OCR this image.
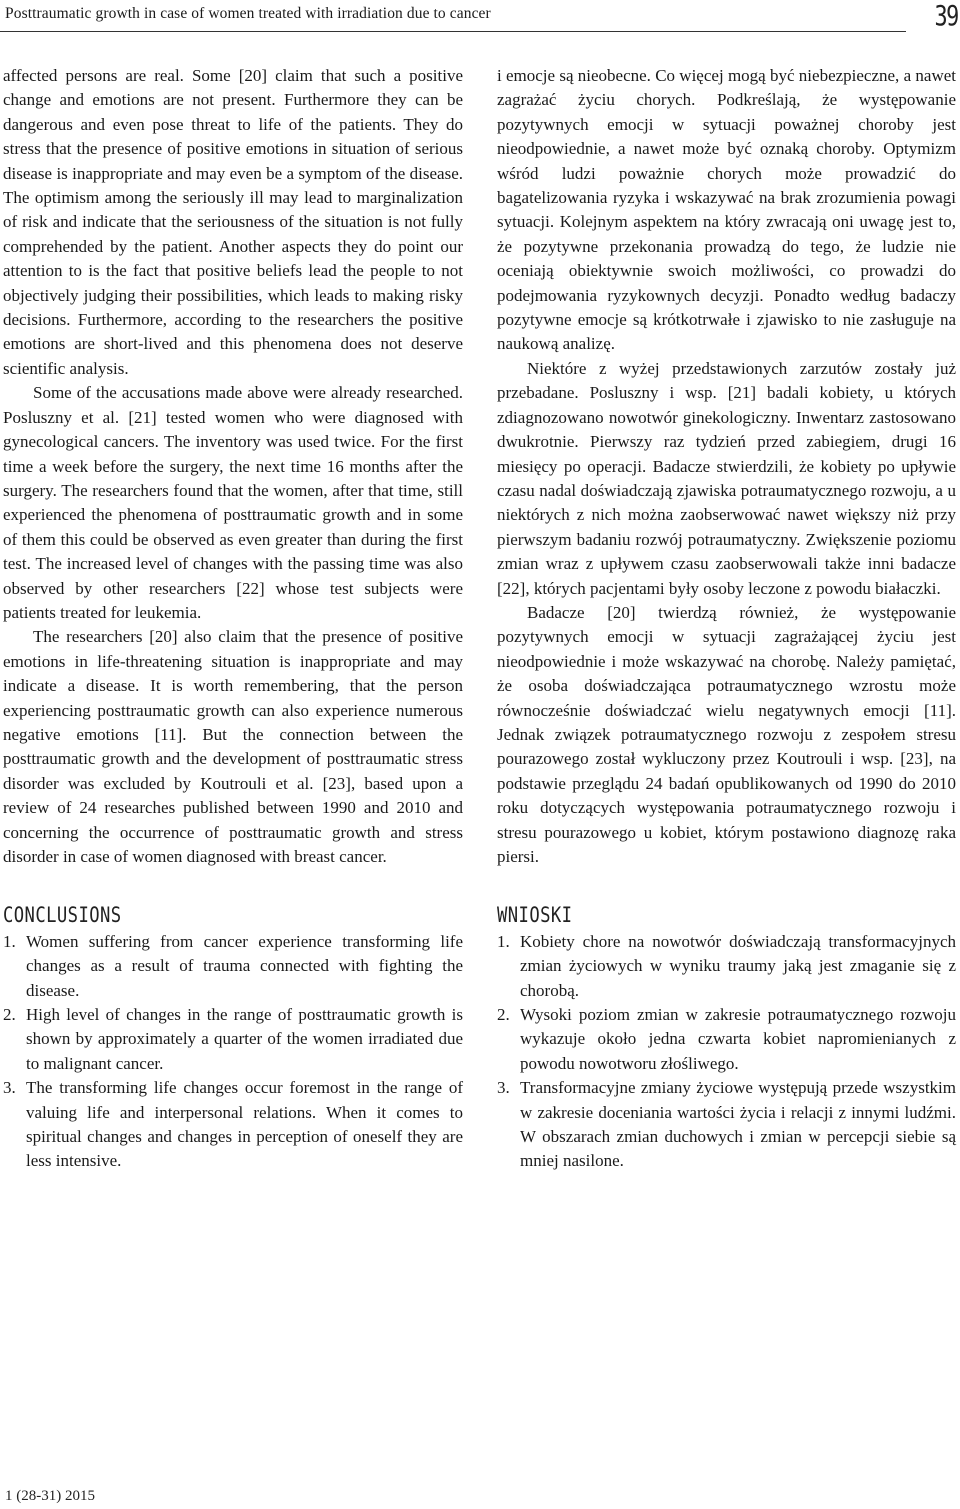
Posttraumatic growth in case of women treated with irradiation due to cancer	39

affected persons are real. Some [20] claim that such a positive change and emotions are not present. Furthermore they can be dangerous and even pose threat to life of the patients. They do stress that the presence of positive emotions in situation of serious disease is inappropriate and may even be a symptom of the disease. The optimism among the seriously ill may lead to marginalization of risk and indicate that the seriousness of the situation is not fully comprehended by the patient. Another aspects they do point our attention to is the fact that positive beliefs lead the people to not objectively judging their possibilities, which leads to making risky decisions. Furthermore, according to the researchers the positive emotions are short-lived and this phenomena does not deserve scientific analysis.

Some of the accusations made above were already researched. Posluszny et al. [21] tested women who were diagnosed with gynecological cancers. The inventory was used twice. For the first time a week before the surgery, the next time 16 months after the surgery. The researchers found that the women, after that time, still experienced the phenomena of posttraumatic growth and in some of them this could be observed as even greater than during the first test. The increased level of changes with the passing time was also observed by other researchers [22] whose test subjects were patients treated for leukemia.

The researchers [20] also claim that the presence of positive emotions in life-threatening situation is inappropriate and may indicate a disease. It is worth remembering, that the person experiencing posttraumatic growth can also experience numerous negative emotions [11]. But the connection between the posttraumatic growth and the development of posttraumatic stress disorder was excluded by Koutrouli et al. [23], based upon a review of 24 researches published between 1990 and 2010 and concerning the occurrence of posttraumatic growth and stress disorder in case of women diagnosed with breast cancer.

CONCLUSIONS
1. Women suffering from cancer experience transforming life changes as a result of trauma connected with fighting the disease.
2. High level of changes in the range of posttraumatic growth is shown by approximately a quarter of the women irradiated due to malignant cancer.
3. The transforming life changes occur foremost in the range of valuing life and interpersonal relations. When it comes to spiritual changes and changes in perception of oneself they are less intensive.

i emocje są nieobecne. Co więcej mogą być niebezpieczne, a nawet zagrażać życiu chorych. Podkreślają, że występowanie pozytywnych emocji w sytuacji poważnej choroby jest nieodpowiednie, a nawet może być oznaką choroby. Optymizm wśród ludzi poważnie chorych może prowadzić do bagatelizowania ryzyka i wskazywać na brak zrozumienia powagi sytuacji. Kolejnym aspektem na który zwracają oni uwagę jest to, że pozytywne przekonania prowadzą do tego, że ludzie nie oceniają obiektywnie swoich możliwości, co prowadzi do podejmowania ryzykownych decyzji. Ponadto według badaczy pozytywne emocje są krótkotrwałe i zjawisko to nie zasługuje na naukową analizę.

Niektóre z wyżej przedstawionych zarzutów zostały już przebadane. Posluszny i wsp. [21] badali kobiety, u których zdiagnozowano nowotwór ginekologiczny. Inwentarz zastosowano dwukrotnie. Pierwszy raz tydzień przed zabiegiem, drugi 16 miesięcy po operacji. Badacze stwierdzili, że kobiety po upływie czasu nadal doświadczają zjawiska potraumatycznego rozwoju, a u niektórych z nich można zaobserwować nawet większy niż przy pierwszym badaniu rozwój potraumatyczny. Zwiększenie poziomu zmian wraz z upływem czasu zaobserwowali także inni badacze [22], których pacjentami były osoby leczone z powodu białaczki.

Badacze [20] twierdzą również, że występowanie pozytywnych emocji w sytuacji zagrażającej życiu jest nieodpowiednie i może wskazywać na chorobę. Należy pamiętać, że osoba doświadczająca potraumatycznego wzrostu może równocześnie doświadczać wielu negatywnych emocji [11]. Jednak związek potraumatycznego rozwoju z zespołem stresu pourazowego został wykluczony przez Koutrouli i wsp. [23], na podstawie przeglądu 24 badań opublikowanych od 1990 do 2010 roku dotyczących występowania potraumatycznego rozwoju i stresu pourazowego u kobiet, którym postawiono diagnozę raka piersi.

WNIOSKI
1. Kobiety chore na nowotwór doświadczają transformacyjnych zmian życiowych w wyniku traumy jaką jest zmaganie się z chorobą.
2. Wysoki poziom zmian w zakresie potraumatycznego rozwoju wykazuje około jedna czwarta kobiet napromienianych z powodu nowotworu złośliwego.
3. Transformacyjne zmiany życiowe występują przede wszystkim w zakresie doceniania wartości życia i relacji z innymi ludźmi. W obszarach zmian duchowych i zmian w percepcji siebie są mniej nasilone.
1 (28-31) 2015
